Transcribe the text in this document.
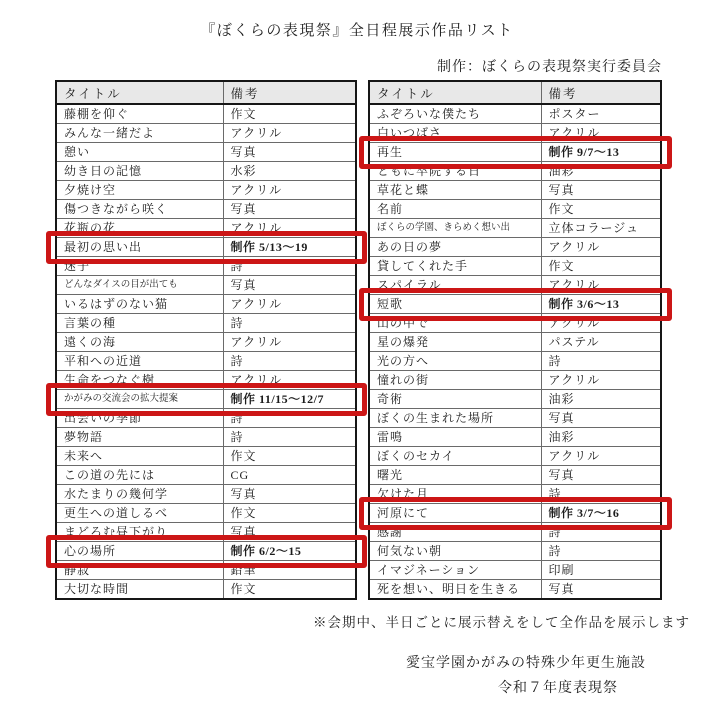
『ぼくらの表現祭』全日程展示作品リスト
制作：ぼくらの表現祭実行委員会
タイトル	備考
藤棚を仰ぐ	作文
みんな一緒だよ	アクリル
憩い	写真
幼き日の記憶	水彩
夕焼け空	アクリル
傷つきながら咲く	写真
花瓶の花	アクリル
最初の思い出	制作 5/13〜19
迷子	詩
どんなダイスの目が出ても	写真
いるはずのない猫	アクリル
言葉の種	詩
遠くの海	アクリル
平和への近道	詩
生命をつなぐ樹	アクリル
かがみの交流会の拡大提案	制作 11/15〜12/7
出会いの季節	詩
夢物語	詩
未来へ	作文
この道の先には	CG
水たまりの幾何学	写真
更生への道しるべ	作文
まどろむ昼下がり	写真
心の場所	制作 6/2〜15
静寂	鉛筆
大切な時間	作文
タイトル	備考
ふぞろいな僕たち	ポスター
白いつばさ	アクリル
再生	制作 9/7〜13
ともに卒院する日	油彩
草花と蝶	写真
名前	作文
ぼくらの学園、きらめく想い出	立体コラージュ
あの日の夢	アクリル
貸してくれた手	作文
スパイラル	アクリル
短歌	制作 3/6〜13
山の中で	アクリル
星の爆発	パステル
光の方へ	詩
憧れの街	アクリル
奇術	油彩
ぼくの生まれた場所	写真
雷鳴	油彩
ぼくのセカイ	アクリル
曙光	写真
欠けた月	詩
河原にて	制作 3/7〜16
感謝	詩
何気ない朝	詩
イマジネーション	印刷
死を想い、明日を生きる	写真
※会期中、半日ごとに展示替えをして全作品を展示します
愛宝学園かがみの特殊少年更生施設
令和７年度表現祭
